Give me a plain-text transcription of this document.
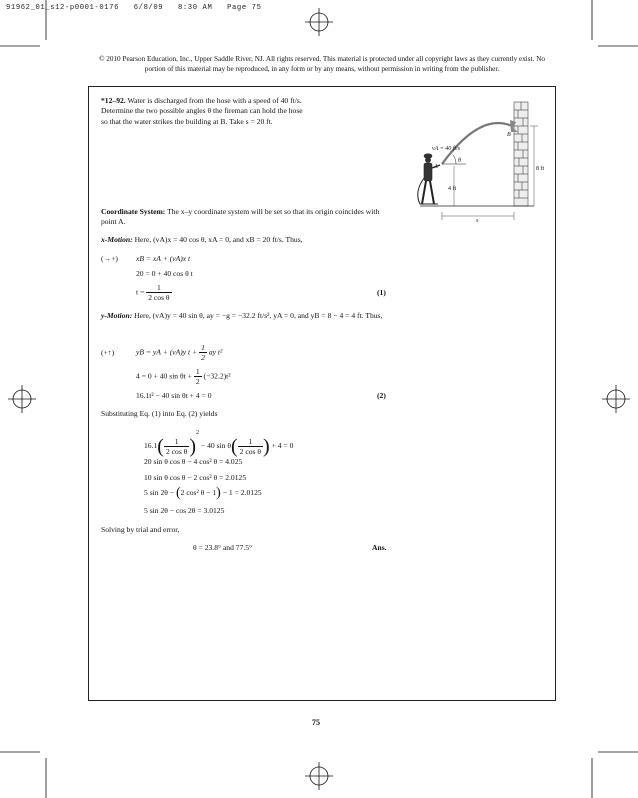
91962_01_s12-p0001-0176   6/8/09   8:30 AM   Page 75
© 2010 Pearson Education, Inc., Upper Saddle River, NJ. All rights reserved. This material is protected under all copyright laws as they currently exist. No portion of this material may be reproduced, in any form or by any means, without permission in writing from the publisher.
*12–92. Water is discharged from the hose with a speed of 40 ft/s. Determine the two possible angles θ the fireman can hold the hose so that the water strikes the building at B. Take s = 20 ft.
vA = 40 ft/s
A
B
θ
s
4 ft
8 ft
Coordinate System: The x–y coordinate system will be set so that its origin coincides with point A.
x-Motion: Here, (vA)x = 40 cos θ, xA = 0, and xB = 20 ft/s. Thus,
(→+) xB = xA + (vA)x t
20 = 0 + 40 cos θ t
$t = \frac{1}{\text{2 cos θ}}$	(1)
y-Motion: Here, (vA)y = 40 sin θ, ay = −g = −32.2 ft/s², yA = 0, and yB = 8 − 4 = 4 ft. Thus,
(+↑)	yB = yA + (vA)y $t + \frac{1}{2}$ ay t²
4 = 0 + 40 $\sin \theta t + \frac{1}{2} (-32.2)t^2$
16.1t² − 40 sin θt + 4 = 0	(2)
Substituting Eq. (1) into Eq. (2) yields
$16.1( \frac{1}{\text{2 cos θ}} )^2 - 40$ $\sin \theta( \frac{1}{\text{2 cos θ}}$ ) + 4 = 0
20 sin θ cos θ − 4 cos² θ = 4.025
10 sin θ cos θ − 2 cos² θ = 2.0125
5 sin 2θ − (2 cos² θ − 1) − 1 = 2.0125
5 sin 2θ − cos 2θ = 3.0125
Solving by trial and error,
θ = 23.8° and 77.5°	Ans.
75
